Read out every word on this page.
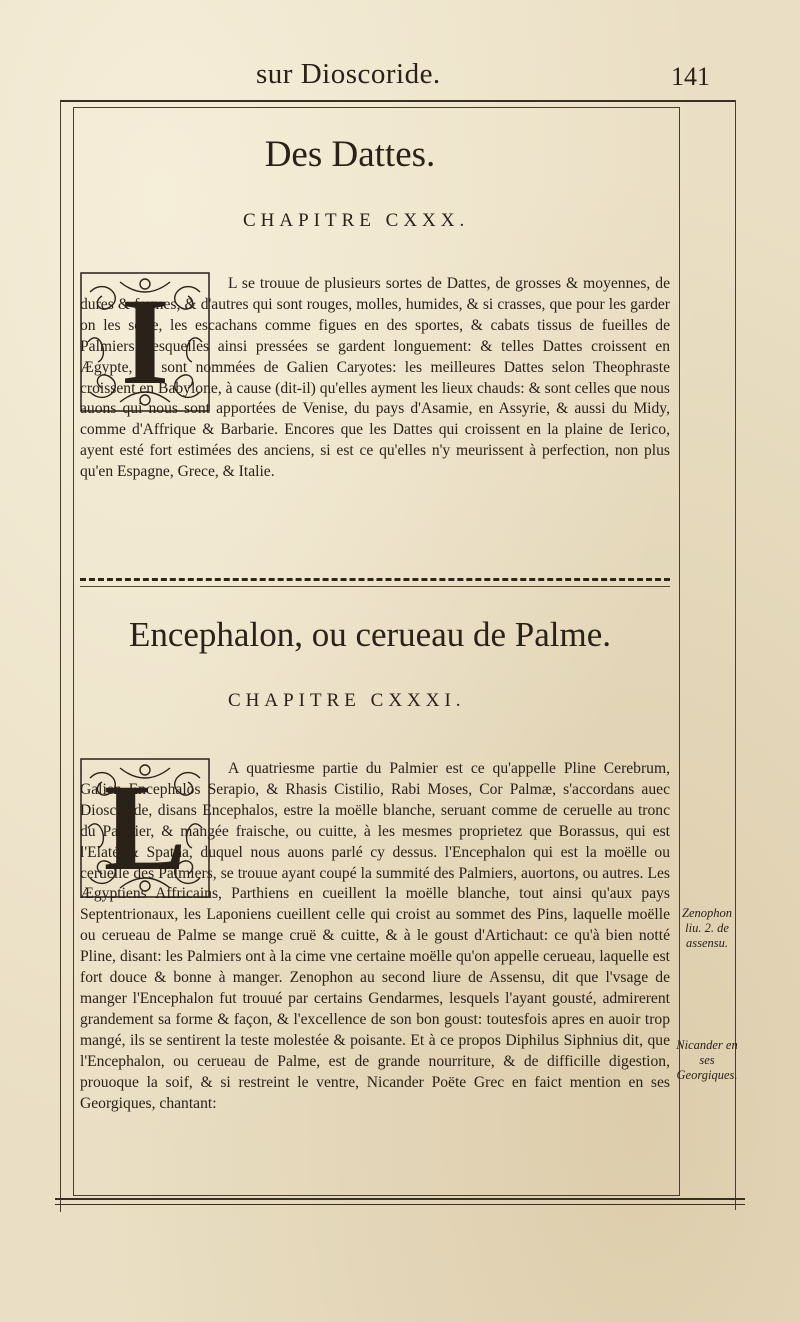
sur Dioscoride.	141
Des Dattes.
CHAPITRE CXXX.
I	L se trouue de plusieurs sortes de Dattes, de grosses & moyennes, de dures & fermes, & d'autres qui sont rouges, molles, humides, & si crasses, que pour les garder on les serre, les escachans comme figues en des sportes, & cabats tissus de fueilles de Palmiers: lesquelles ainsi pressées se gardent longuement: & telles Dattes croissent en Ægypte, & sont nommées de Galien Caryotes: les meilleures Dattes selon Theophraste croissent en Babylone, à cause (dit-il) qu'elles ayment les lieux chauds: & sont celles que nous auons qui nous sont apportées de Venise, du pays d'Asamie, en Assyrie, & aussi du Midy, comme d'Affrique & Barbarie. Encores que les Dattes qui croissent en la plaine de Ierico, ayent esté fort estimées des anciens, si est ce qu'elles n'y meurissent à perfection, non plus qu'en Espagne, Grece, & Italie.
Encephalon, ou cerueau de Palme.
CHAPITRE CXXXI.
L	A quatriesme partie du Palmier est ce qu'appelle Pline Cerebrum, Galien Encephalos Serapio, & Rhasis Cistilio, Rabi Moses, Cor Palmæ, s'accordans auec Dioscoride, disans Encephalos, estre la moëlle blanche, seruant comme de ceruelle au tronc du Palmier, & mangée fraische, ou cuitte, à les mesmes proprietez que Borassus, qui est l'Elaté & Spatha, duquel nous auons parlé cy dessus. l'Encephalon qui est la moëlle ou ceruelle des Palmiers, se trouue ayant coupé la summité des Palmiers, auortons, ou autres. Les Ægyptiens Affricains, Parthiens en cueillent la moëlle blanche, tout ainsi qu'aux pays Septentrionaux, les Laponiens cueillent celle qui croist au sommet des Pins, laquelle moëlle ou cerueau de Palme se mange cruë & cuitte, & à le goust d'Artichaut: ce qu'à bien notté Pline, disant: les Palmiers ont à la cime vne certaine moëlle qu'on appelle cerueau, laquelle est fort douce & bonne à manger. Zenophon au second liure de Assensu, dit que l'vsage de manger l'Encephalon fut trouué par certains Gendarmes, lesquels l'ayant gousté, admirerent grandement sa forme & façon, & l'excellence de son bon goust: toutesfois apres en auoir trop mangé, ils se sentirent la teste molestée & poisante. Et à ce propos Diphilus Siphnius dit, que l'Encephalon, ou cerueau de Palme, est de grande nourriture, & de difficille digestion, prouoque la soif, & si restreint le ventre, Nicander Poëte Grec en faict mention en ses Georgiques, chantant:
Zenophon liu. 2. de assensu.
Nicander en ses Georgiques.
